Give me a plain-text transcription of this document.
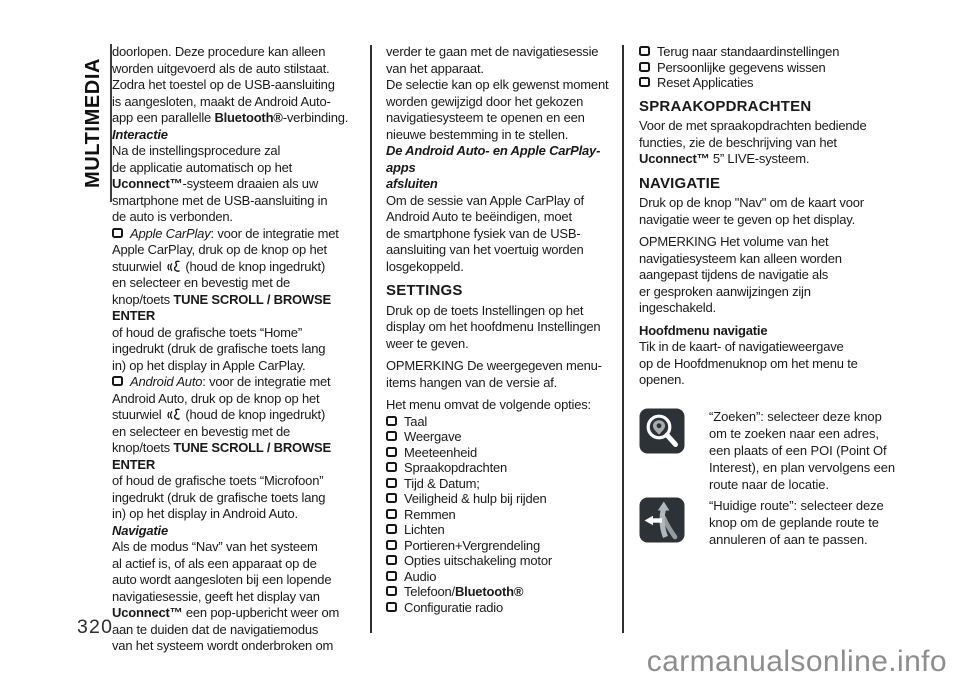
MULTIMEDIA

doorlopen. Deze procedure kan alleen
worden uitgevoerd als de auto stilstaat.

Zodra het toestel op de USB-aansluiting
is aangesloten, maakt de Android Auto-
app een parallelle Bluetooth®-verbinding.

Interactie

Na de instellingsprocedure zal
de applicatie automatisch op het
Uconnect™-systeem draaien als uw
smartphone met de USB-aansluiting in
de auto is verbonden.

Apple CarPlay: voor de integratie met
Apple CarPlay, druk op de knop op het
stuurwiel  (houd de knop ingedrukt)
en selecteer en bevestig met de
knop/toets TUNE SCROLL / BROWSE ENTER
of houd de grafische toets “Home”
ingedrukt (druk de grafische toets lang
in) op het display in Apple CarPlay.

Android Auto: voor de integratie met
Android Auto, druk op de knop op het
stuurwiel  (houd de knop ingedrukt)
en selecteer en bevestig met de
knop/toets TUNE SCROLL / BROWSE ENTER
of houd de grafische toets “Microfoon”
ingedrukt (druk de grafische toets lang
in) op het display in Android Auto.

Navigatie

Als de modus “Nav” van het systeem
al actief is, of als een apparaat op de
auto wordt aangesloten bij een lopende
navigatiesessie, geeft het display van
Uconnect™ een pop-upbericht weer om
aan te duiden dat de navigatiemodus
van het systeem wordt onderbroken om

verder te gaan met de navigatiesessie
van het apparaat.

De selectie kan op elk gewenst moment
worden gewijzigd door het gekozen
navigatiesysteem te openen en een
nieuwe bestemming in te stellen.

De Android Auto- en Apple CarPlay-apps
afsluiten

Om de sessie van Apple CarPlay of
Android Auto te beëindigen, moet
de smartphone fysiek van de USB-
aansluiting van het voertuig worden
losgekoppeld.

SETTINGS

Druk op de toets Instellingen op het
display om het hoofdmenu Instellingen
weer te geven.

OPMERKING De weergegeven menu-
items hangen van de versie af.

Het menu omvat de volgende opties:

Taal

Weergave

Meeteenheid

Spraakopdrachten

Tijd & Datum;

Veiligheid & hulp bij rijden

Remmen

Lichten

Portieren+Vergrendeling

Opties uitschakeling motor

Audio

Telefoon/Bluetooth®

Configuratie radio

Terug naar standaardinstellingen

Persoonlijke gegevens wissen

Reset Applicaties

SPRAAKOPDRACHTEN

Voor de met spraakopdrachten bediende
functies, zie de beschrijving van het
Uconnect™ 5” LIVE-systeem.

NAVIGATIE

Druk op de knop "Nav" om de kaart voor
navigatie weer te geven op het display.

OPMERKING Het volume van het
navigatiesysteem kan alleen worden
aangepast tijdens de navigatie als
er gesproken aanwijzingen zijn
ingeschakeld.

Hoofdmenu navigatie

Tik in de kaart- of navigatieweergave
op de Hoofdmenuknop om het menu te
openen.

“Zoeken”: selecteer deze knop
om te zoeken naar een adres,
een plaats of een POI (Point Of
Interest), en plan vervolgens een
route naar de locatie.
“Huidige route”: selecteer deze
knop om de geplande route te
annuleren of aan te passen.
320
carmanualsonline.info
